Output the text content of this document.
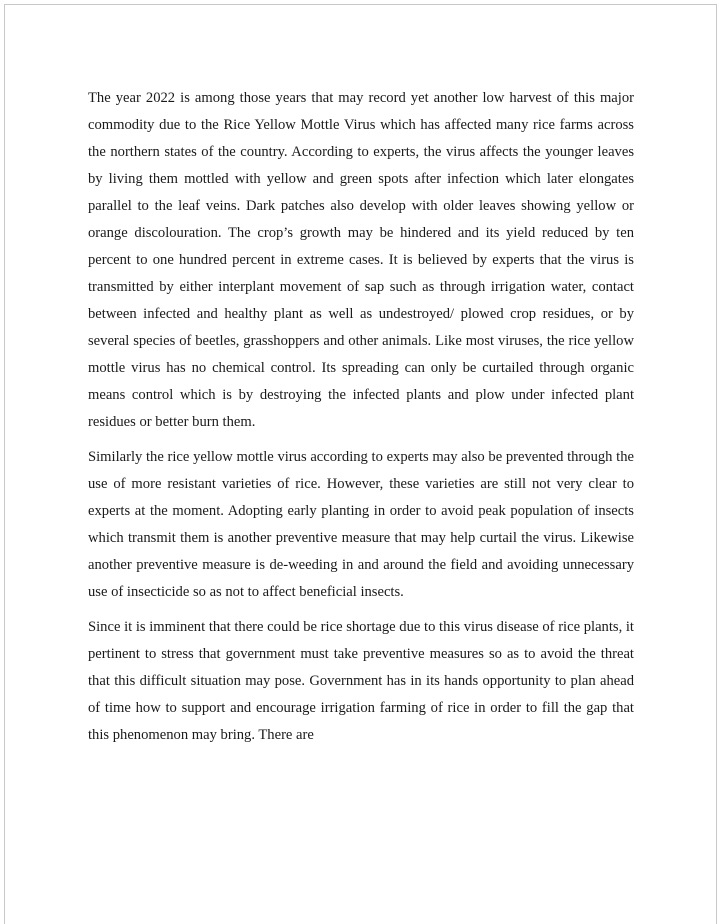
The year 2022 is among those years that may record yet another low harvest of this major commodity due to the Rice Yellow Mottle Virus which has affected many rice farms across the northern states of the country. According to experts, the virus affects the younger leaves by living them mottled with yellow and green spots after infection which later elongates parallel to the leaf veins. Dark patches also develop with older leaves showing yellow or orange discolouration. The crop’s growth may be hindered and its yield reduced by ten percent to one hundred percent in extreme cases. It is believed by experts that the virus is transmitted by either interplant movement of sap such as through irrigation water, contact between infected and healthy plant as well as undestroyed/ plowed crop residues, or by several species of beetles, grasshoppers and other animals. Like most viruses, the rice yellow mottle virus has no chemical control. Its spreading can only be curtailed through organic means control which is by destroying the infected plants and plow under infected plant residues or better burn them.

Similarly the rice yellow mottle virus according to experts may also be prevented through the use of more resistant varieties of rice. However, these varieties are still not very clear to experts at the moment. Adopting early planting in order to avoid peak population of insects which transmit them is another preventive measure that may help curtail the virus. Likewise another preventive measure is de-weeding in and around the field and avoiding unnecessary use of insecticide so as not to affect beneficial insects.

Since it is imminent that there could be rice shortage due to this virus disease of rice plants, it pertinent to stress that government must take preventive measures so as to avoid the threat that this difficult situation may pose. Government has in its hands opportunity to plan ahead of time how to support and encourage irrigation farming of rice in order to fill the gap that this phenomenon may bring. There are
